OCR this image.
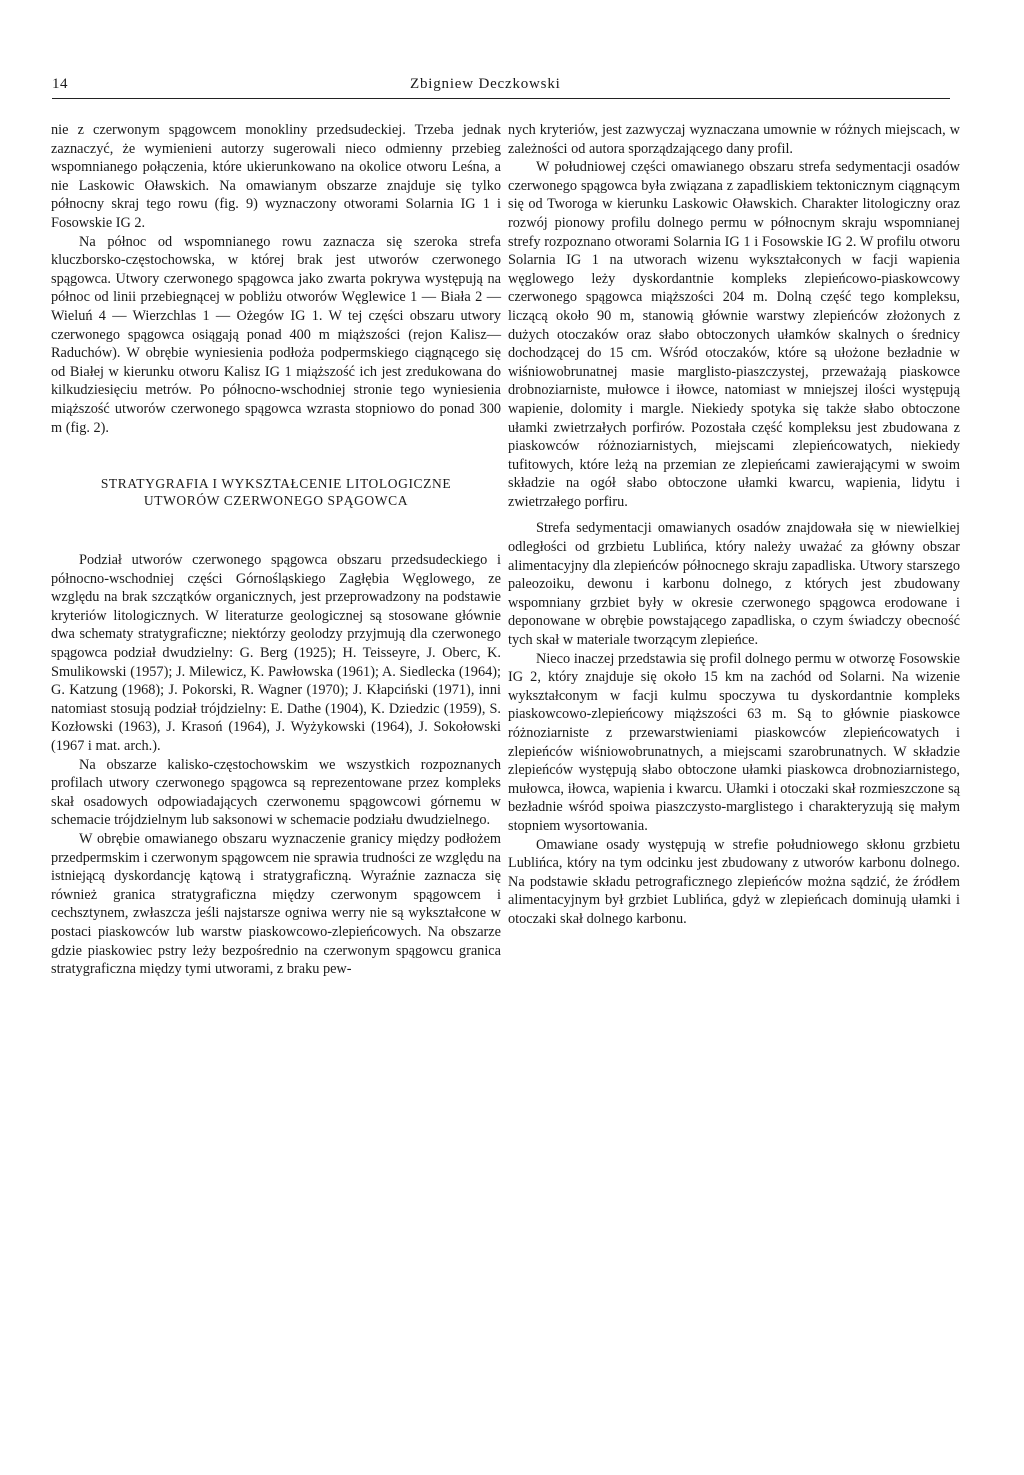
14	Zbigniew Deczkowski

nie z czerwonym spągowcem monokliny przedsudeckiej. Trzeba jednak zaznaczyć, że wymienieni autorzy sugerowali nieco odmienny przebieg wspomnianego połączenia, które ukierunkowano na okolice otworu Leśna, a nie Laskowic Oławskich. Na omawianym obszarze znajduje się tylko północny skraj tego rowu (fig. 9) wyznaczony otworami Solarnia IG 1 i Fosowskie IG 2.

Na północ od wspomnianego rowu zaznacza się szeroka strefa kluczborsko-częstochowska, w której brak jest utworów czerwonego spągowca. Utwory czerwonego spągowca jako zwarta pokrywa występują na północ od linii przebiegnącej w pobliżu otworów Węglewice 1 — Biała 2 — Wieluń 4 — Wierzchlas 1 — Ożegów IG 1. W tej części obszaru utwory czerwonego spągowca osiągają ponad 400 m miąższości (rejon Kalisz—Raduchów). W obrębie wyniesienia podłoża podpermskiego ciągnącego się od Białej w kierunku otworu Kalisz IG 1 miąższość ich jest zredukowana do kilkudziesięciu metrów. Po północno-wschodniej stronie tego wyniesienia miąższość utworów czerwonego spągowca wzrasta stopniowo do ponad 300 m (fig. 2).

STRATYGRAFIA I WYKSZTAŁCENIE LITOLOGICZNE
UTWORÓW CZERWONEGO SPĄGOWCA

Podział utworów czerwonego spągowca obszaru przedsudeckiego i północno-wschodniej części Górnośląskiego Zagłębia Węglowego, ze względu na brak szczątków organicznych, jest przeprowadzony na podstawie kryteriów litologicznych. W literaturze geologicznej są stosowane głównie dwa schematy stratygraficzne; niektórzy geolodzy przyjmują dla czerwonego spągowca podział dwudzielny: G. Berg (1925); H. Teisseyre, J. Oberc, K. Smulikowski (1957); J. Milewicz, K. Pawłowska (1961); A. Siedlecka (1964); G. Katzung (1968); J. Pokorski, R. Wagner (1970); J. Kłapciński (1971), inni natomiast stosują podział trójdzielny: E. Dathe (1904), K. Dziedzic (1959), S. Kozłowski (1963), J. Krasoń (1964), J. Wyżykowski (1964), J. Sokołowski (1967 i mat. arch.).

Na obszarze kalisko-częstochowskim we wszystkich rozpoznanych profilach utwory czerwonego spągowca są reprezentowane przez kompleks skał osadowych odpowiadających czerwonemu spągowcowi górnemu w schemacie trójdzielnym lub saksonowi w schemacie podziału dwudzielnego.

W obrębie omawianego obszaru wyznaczenie granicy między podłożem przedpermskim i czerwonym spągowcem nie sprawia trudności ze względu na istniejącą dyskordancję kątową i stratygraficzną. Wyraźnie zaznacza się również granica stratygraficzna między czerwonym spągowcem i cechsztynem, zwłaszcza jeśli najstarsze ogniwa werry nie są wykształcone w postaci piaskowców lub warstw piaskowcowo-zlepieńcowych. Na obszarze gdzie piaskowiec pstry leży bezpośrednio na czerwonym spągowcu granica stratygraficzna między tymi utworami, z braku pew-

nych kryteriów, jest zazwyczaj wyznaczana umownie w różnych miejscach, w zależności od autora sporządzającego dany profil.

W południowej części omawianego obszaru strefa sedymentacji osadów czerwonego spągowca była związana z zapadliskiem tektonicznym ciągnącym się od Tworoga w kierunku Laskowic Oławskich. Charakter litologiczny oraz rozwój pionowy profilu dolnego permu w północnym skraju wspomnianej strefy rozpoznano otworami Solarnia IG 1 i Fosowskie IG 2. W profilu otworu Solarnia IG 1 na utworach wizenu wykształconych w facji wapienia węglowego leży dyskordantnie kompleks zlepieńcowo-piaskowcowy czerwonego spągowca miąższości 204 m. Dolną część tego kompleksu, liczącą około 90 m, stanowią głównie warstwy zlepieńców złożonych z dużych otoczaków oraz słabo obtoczonych ułamków skalnych o średnicy dochodzącej do 15 cm. Wśród otoczaków, które są ułożone bezładnie w wiśniowobrunatnej masie marglisto-piaszczystej, przeważają piaskowce drobnoziarniste, mułowce i iłowce, natomiast w mniejszej ilości występują wapienie, dolomity i margle. Niekiedy spotyka się także słabo obtoczone ułamki zwietrzałych porfirów. Pozostała część kompleksu jest zbudowana z piaskowców różnoziarnistych, miejscami zlepieńcowatych, niekiedy tufitowych, które leżą na przemian ze zlepieńcami zawierającymi w swoim składzie na ogół słabo obtoczone ułamki kwarcu, wapienia, lidytu i zwietrzałego porfiru.

Strefa sedymentacji omawianych osadów znajdowała się w niewielkiej odległości od grzbietu Lublińca, który należy uważać za główny obszar alimentacyjny dla zlepieńców północnego skraju zapadliska. Utwory starszego paleozoiku, dewonu i karbonu dolnego, z których jest zbudowany wspomniany grzbiet były w okresie czerwonego spągowca erodowane i deponowane w obrębie powstającego zapadliska, o czym świadczy obecność tych skał w materiale tworzącym zlepieńce.

Nieco inaczej przedstawia się profil dolnego permu w otworzę Fosowskie IG 2, który znajduje się około 15 km na zachód od Solarni. Na wizenie wykształconym w facji kulmu spoczywa tu dyskordantnie kompleks piaskowcowo-zlepieńcowy miąższości 63 m. Są to głównie piaskowce różnoziarniste z przewarstwieniami piaskowców zlepieńcowatych i zlepieńców wiśniowobrunatnych, a miejscami szarobrunatnych. W składzie zlepieńców występują słabo obtoczone ułamki piaskowca drobnoziarnistego, mułowca, iłowca, wapienia i kwarcu. Ułamki i otoczaki skał rozmieszczone są bezładnie wśród spoiwa piaszczysto-marglistego i charakteryzują się małym stopniem wysortowania.

Omawiane osady występują w strefie południowego skłonu grzbietu Lublińca, który na tym odcinku jest zbudowany z utworów karbonu dolnego. Na podstawie składu petrograficznego zlepieńców można sądzić, że źródłem alimentacyjnym był grzbiet Lublińca, gdyż w zlepieńcach dominują ułamki i otoczaki skał dolnego karbonu.
